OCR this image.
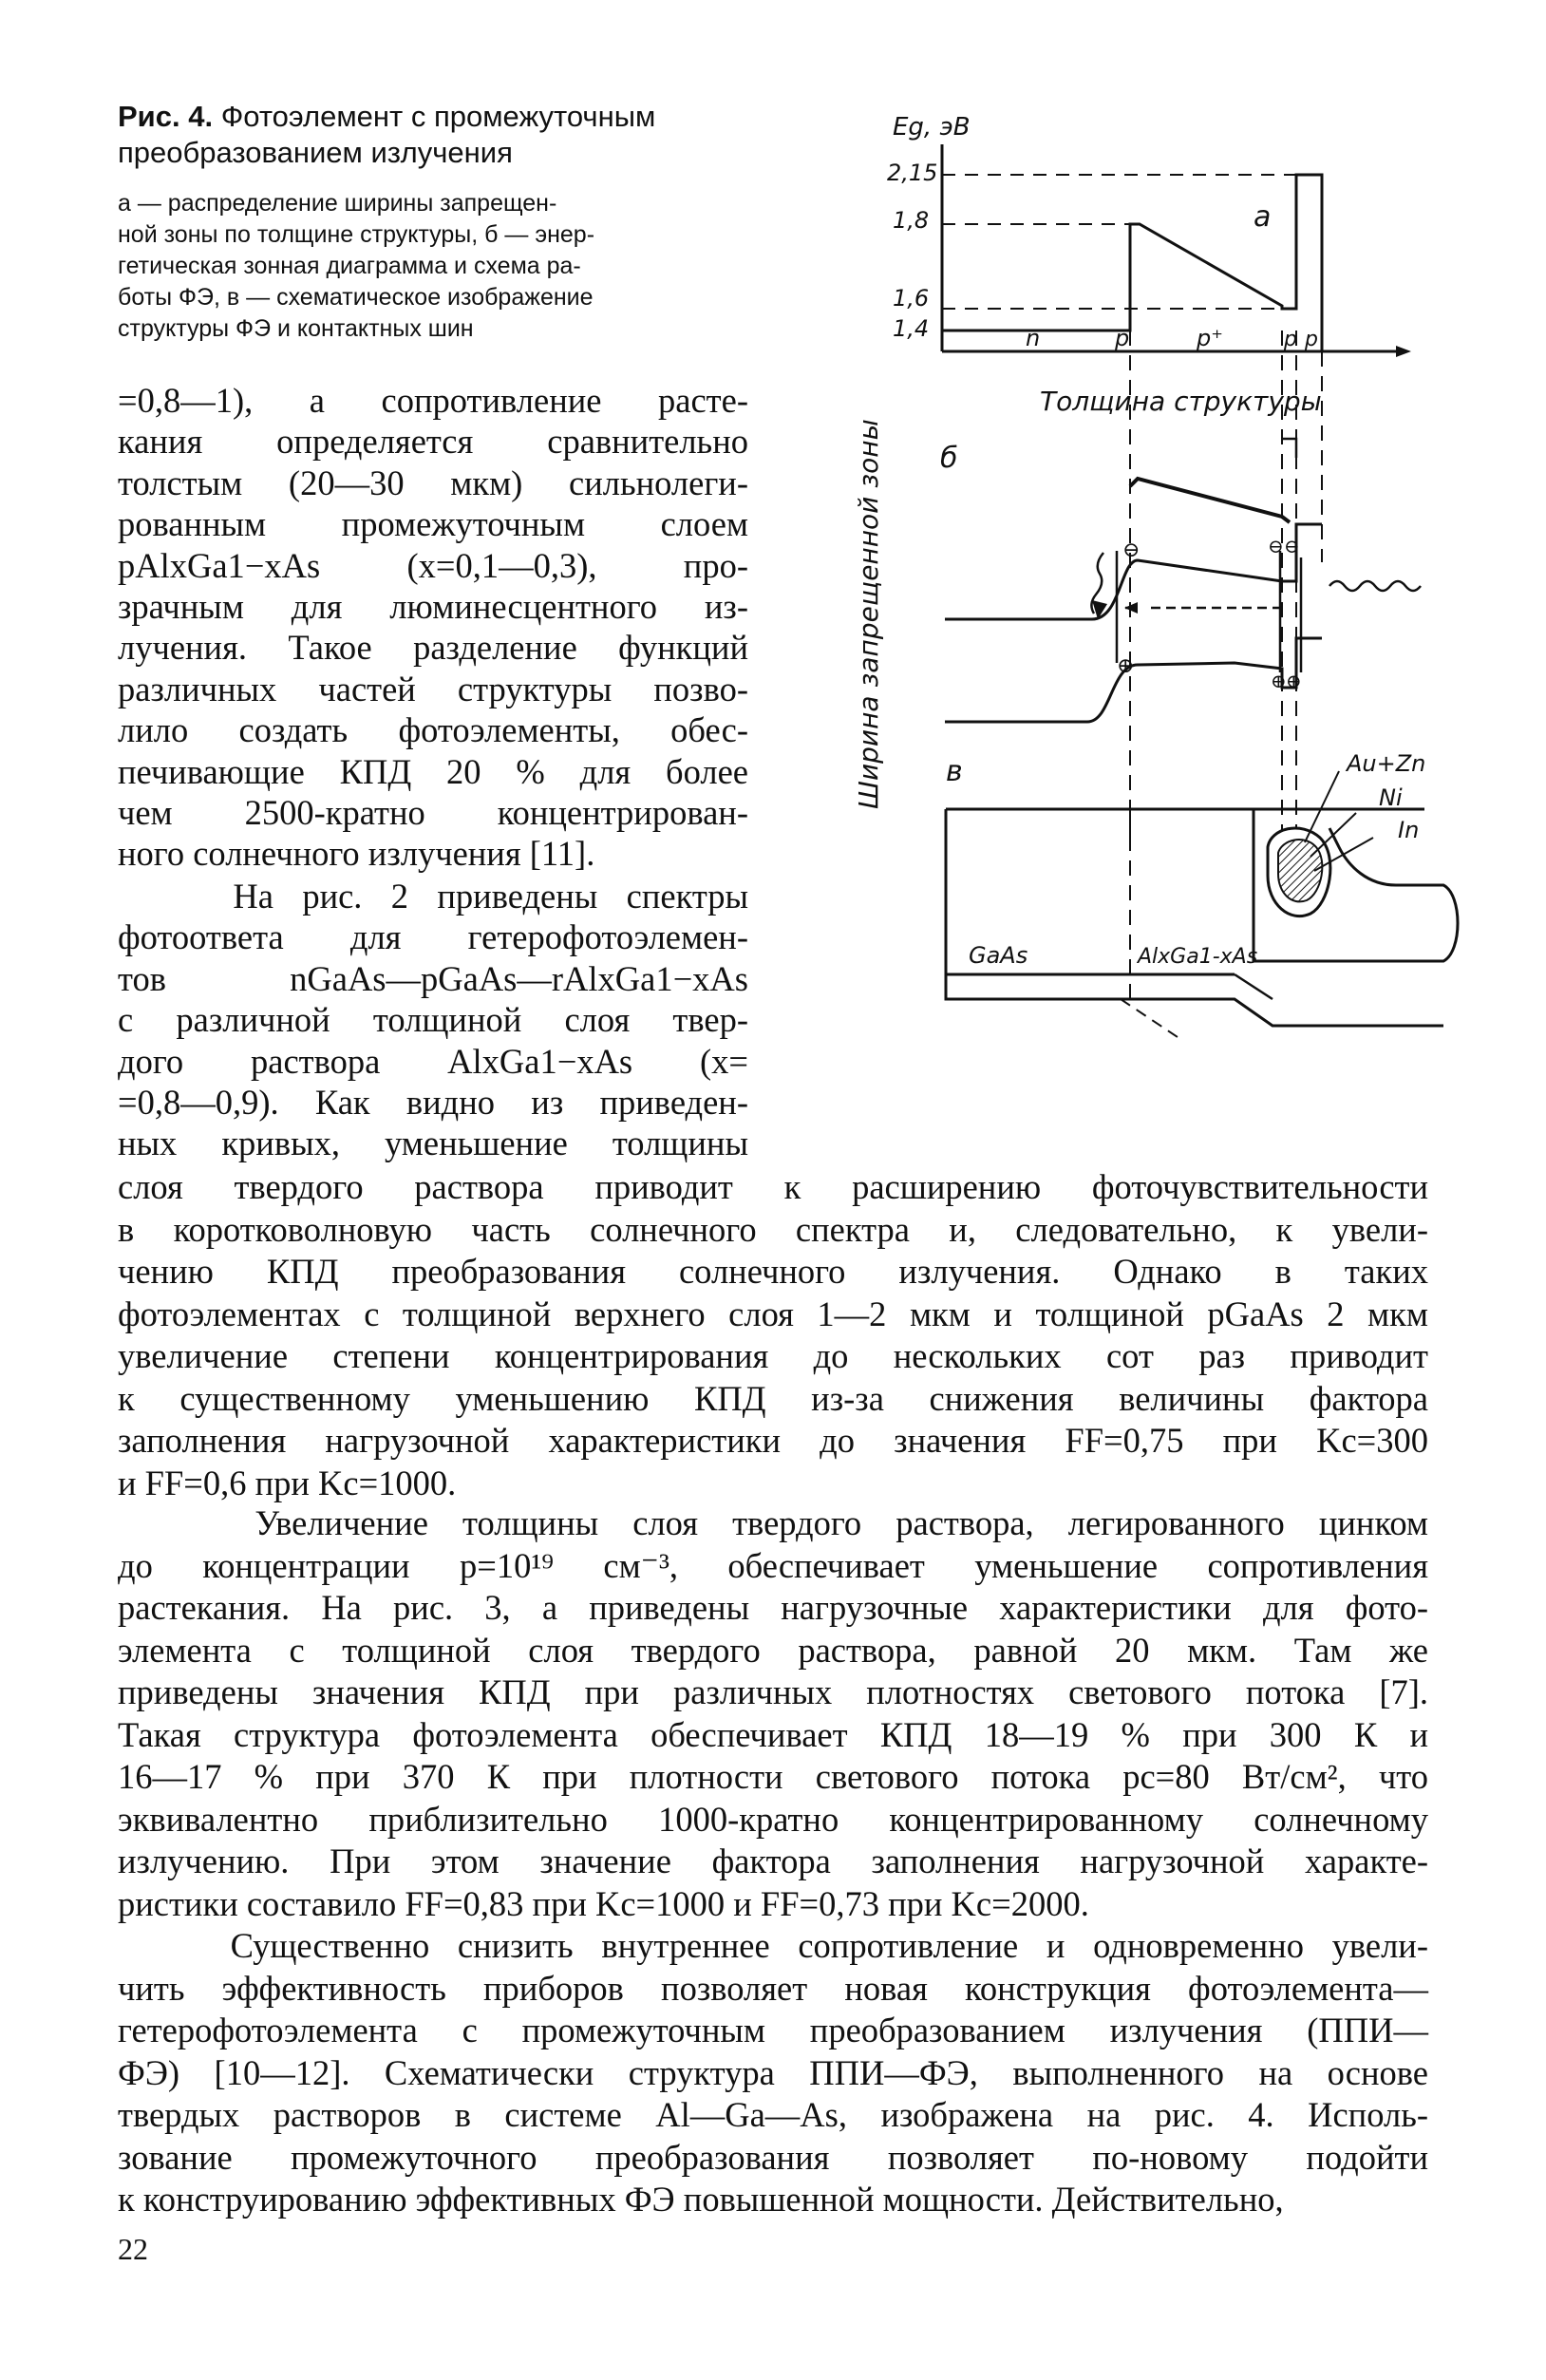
Рис. 4. Фотоэлемент с промежуточным
преобразованием излучения
а — распределение ширины запрещен-
ной зоны по толщине структуры, б — энер-
гетическая зонная диаграмма и схема ра-
боты ФЭ, в — схематическое изображение
структуры ФЭ и контактных шин
=0,8—1), а сопротивление расте-
кания определяется сравнительно
толстым (20—30 мкм) сильнолеги-
рованным промежуточным слоем
pAlxGa1−xAs (x=0,1—0,3), про-
зрачным для люминесцентного из-
лучения. Такое разделение функций
различных частей структуры позво-
лило создать фотоэлементы, обес-
печивающие КПД 20 % для более
чем 2500-кратно концентрирован-
ного солнечного излучения [11].
На рис. 2 приведены спектры
фотоответа для гетерофотоэлемен-
тов nGaAs—pGaAs—rAlxGa1−xAs
с различной толщиной слоя твер-
дого раствора AlxGa1−xAs (x=
=0,8—0,9). Как видно из приведен-
ных кривых, уменьшение толщины
слоя твердого раствора приводит к расширению фоточувствительности
в коротковолновую часть солнечного спектра и, следовательно, к увели-
чению КПД преобразования солнечного излучения. Однако в таких
фотоэлементах с толщиной верхнего слоя 1—2 мкм и толщиной pGaAs 2 мкм
увеличение степени концентрирования до нескольких сот раз приводит
к существенному уменьшению КПД из-за снижения величины фактора
заполнения нагрузочной характеристики до значения FF=0,75 при Kc=300
и FF=0,6 при Kc=1000.
Увеличение толщины слоя твердого раствора, легированного цинком
до концентрации p=10¹⁹ см⁻³, обеспечивает уменьшение сопротивления
растекания. На рис. 3, а приведены нагрузочные характеристики для фото-
элемента с толщиной слоя твердого раствора, равной 20 мкм. Там же
приведены значения КПД при различных плотностях светового потока [7].
Такая структура фотоэлемента обеспечивает КПД 18—19 % при 300 К и
16—17 % при 370 К при плотности светового потока pc=80 Вт/см², что
эквивалентно приблизительно 1000-кратно концентрированному солнечному
излучению. При этом значение фактора заполнения нагрузочной характе-
ристики составило FF=0,83 при Kc=1000 и FF=0,73 при Kc=2000.
Существенно снизить внутреннее сопротивление и одновременно увели-
чить эффективность приборов позволяет новая конструкция фотоэлемента—
гетерофотоэлемента с промежуточным преобразованием излучения (ППИ—
ФЭ) [10—12]. Схематически структура ППИ—ФЭ, выполненного на основе
твердых растворов в системе Al—Ga—As, изображена на рис. 4. Исполь-
зование промежуточного преобразования позволяет по-новому подойти
к конструированию эффективных ФЭ повышенной мощности. Действительно,
22
Eg, эВ
2,15
1,8
1,6
1,4
а
n	p	p⁺	p p
Толщина структуры
Ширина запрещенной зоны б
⊖
⊕
⊖ ⊖
⊕ ⊕
в	Au+Zn
Ni
In
GaAs	AlxGa1-xAs
